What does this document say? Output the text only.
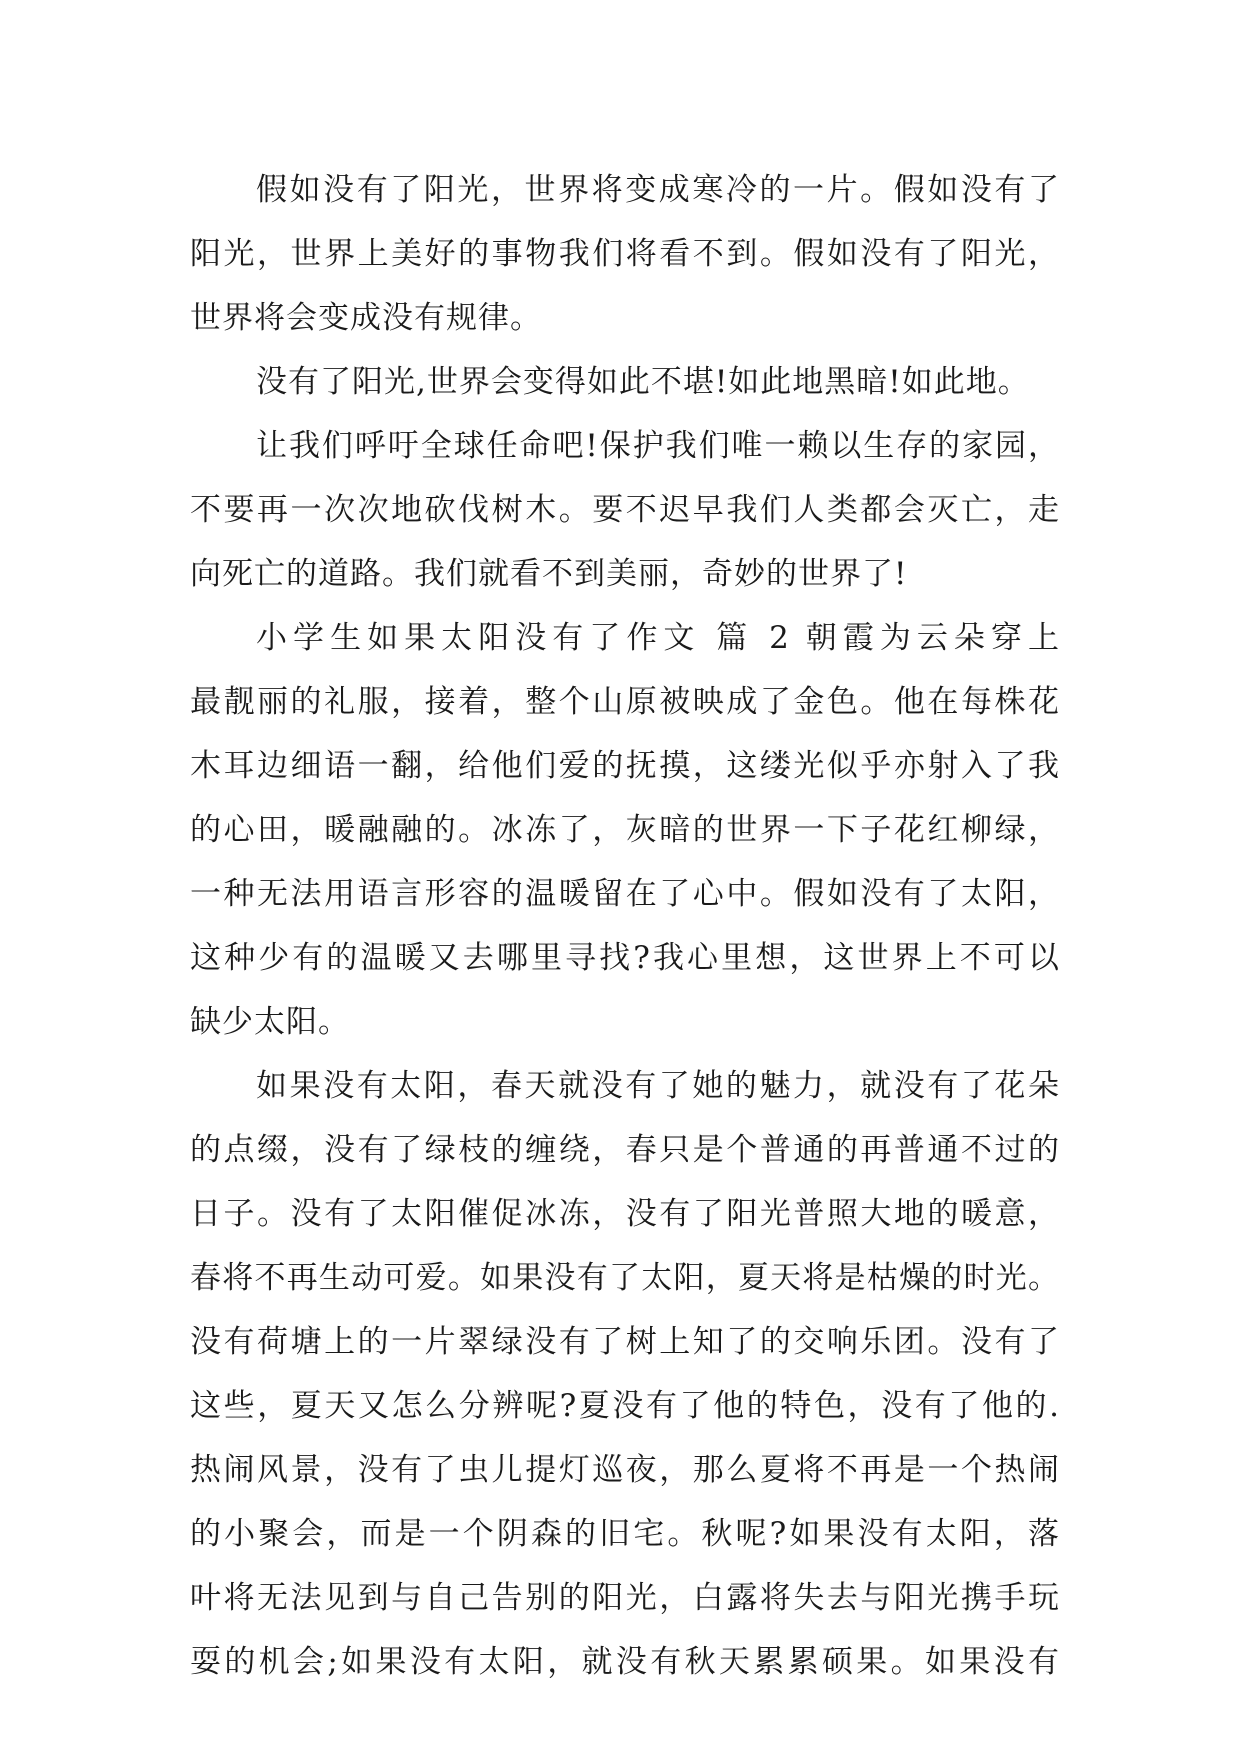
假如没有了阳光，世界将变成寒冷的一片。假如没有了
阳光，世界上美好的事物我们将看不到。假如没有了阳光，
世界将会变成没有规律。
没有了阳光,世界会变得如此不堪!如此地黑暗!如此地。
让我们呼吁全球任命吧!保护我们唯一赖以生存的家园，
不要再一次次地砍伐树木。要不迟早我们人类都会灭亡，走
向死亡的道路。我们就看不到美丽，奇妙的世界了!
小学生如果太阳没有了作文 篇 2 朝霞为云朵穿上
最靓丽的礼服，接着，整个山原被映成了金色。他在每株花
木耳边细语一翻，给他们爱的抚摸，这缕光似乎亦射入了我
的心田，暖融融的。冰冻了，灰暗的世界一下子花红柳绿，
一种无法用语言形容的温暖留在了心中。假如没有了太阳，
这种少有的温暖又去哪里寻找?我心里想，这世界上不可以
缺少太阳。
如果没有太阳，春天就没有了她的魅力，就没有了花朵
的点缀，没有了绿枝的缠绕，春只是个普通的再普通不过的
日子。没有了太阳催促冰冻，没有了阳光普照大地的暖意，
春将不再生动可爱。如果没有了太阳，夏天将是枯燥的时光。
没有荷塘上的一片翠绿没有了树上知了的交响乐团。没有了
这些，夏天又怎么分辨呢?夏没有了他的特色，没有了他的.
热闹风景，没有了虫儿提灯巡夜，那么夏将不再是一个热闹
的小聚会，而是一个阴森的旧宅。秋呢?如果没有太阳，落
叶将无法见到与自己告别的阳光，白露将失去与阳光携手玩
耍的机会;如果没有太阳，就没有秋天累累硕果。如果没有
